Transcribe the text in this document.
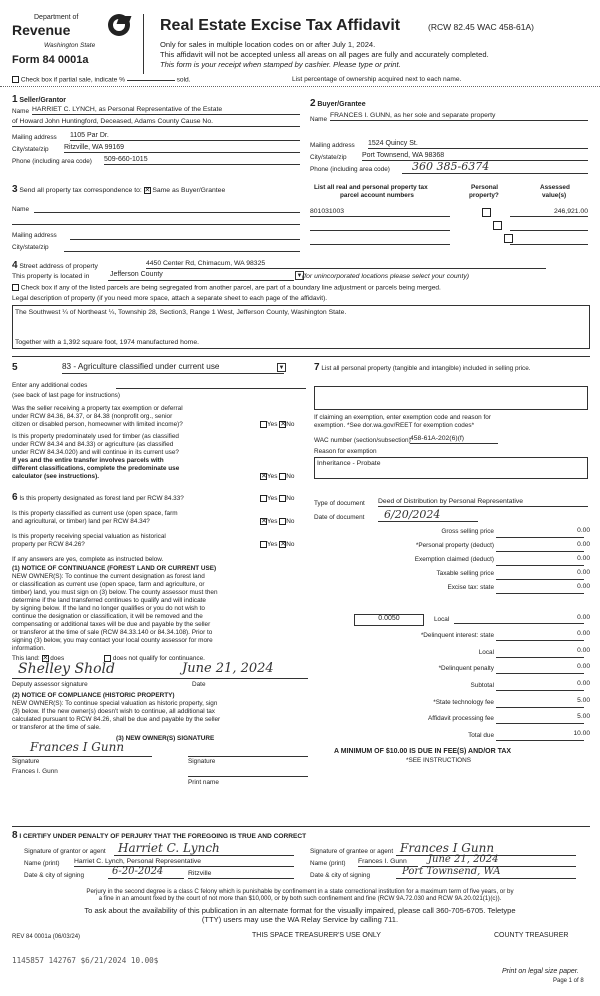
Department of
Revenue
Washington State
Form 84 0001a
Real Estate Excise Tax Affidavit	(RCW 82.45 WAC 458-61A)
Only for sales in multiple location codes on or after July 1, 2024.
This affidavit will not be accepted unless all areas on all pages are fully and accurately completed.
This form is your receipt when stamped by cashier. Please type or print.
Check box if partial sale, indicate %	sold.	List percentage of ownership acquired next to each name.
1 Seller/Grantor
Name HARRIET C. LYNCH, as Personal Representative of the Estate
of Howard John Huntingford, Deceased, Adams County Cause No.
Mailing address 1105 Par Dr.
City/state/zip Ritzville, WA 99169
Phone (including area code) 509-660-1015
2 Buyer/Grantee
Name
FRANCES I. GUNN, as her sole and separate property
Mailing address 1524 Quincy St.
City/state/zip Port Townsend, WA 98368
Phone (including area code)	360 385-6374
3 Send all property tax correspondence to: ✕ Same as Buyer/Grantee
Name
Mailing address
City/state/zip
List all real and personal property tax
parcel account numbers
Personal
property?
Assessed
value(s)
801031003
	246,921.00

4 Street address of property	4450 Center Rd, Chimacum, WA 98325
This property is located in	Jefferson County	▼ (for unincorporated locations please select your county)
Check box if any of the listed parcels are being segregated from another parcel, are part of a boundary line adjustment or parcels being merged.
Legal description of property (if you need more space, attach a separate sheet to each page of the affidavit).
The Southwest ¼ of Northeast ¼, Township 28, Section3, Range 1 West, Jefferson County, Washington State.
Together with a 1,392 square foot, 1974 manufactured home.
5	83 - Agriculture classified under current use	▼
Enter any additional codes
(see back of last page for instructions)
Was the seller receiving a property tax exemption or deferral
under RCW 84.36, 84.37, or 84.38 (nonprofit org., senior
citizen or disabled person, homeowner with limited income)?	Yes ✕ No
Is this property predominately used for timber (as classified
under RCW 84.34 and 84.33) or agriculture (as classified
under RCW 84.34.020) and will continue in its current use?
If yes and the entire transfer involves parcels with
different classifications, complete the predominate use
calculator (see instructions). ✕	Yes No
6 Is this property designated as forest land per RCW 84.33?	Yes No
Is this property classified as current use (open space, farm
and agricultural, or timber) land per RCW 84.34? ✕	Yes No
Is this property receiving special valuation as historical
property per RCW 84.26?	Yes ✕ No
If any answers are yes, complete as instructed below.
(1) NOTICE OF CONTINUANCE (FOREST LAND OR CURRENT USE)
NEW OWNER(S): To continue the current designation as forest land
or classification as current use (open space, farm and agriculture, or
timber) land, you must sign on (3) below. The county assessor must then
determine if the land transferred continues to qualify and will indicate
by signing below. If the land no longer qualifies or you do not wish to
continue the designation or classification, it will be removed and the
compensating or additional taxes will be due and payable by the seller
or transferor at the time of sale (RCW 84.33.140 or 84.34.108). Prior to
signing (3) below, you may contact your local county assessor for more
information.
This land: ✕ does	does not qualify for continuance.
Shelley Shold	June 21, 2024
Deputy assessor signature	Date
(2) NOTICE OF COMPLIANCE (HISTORIC PROPERTY)
NEW OWNER(S): To continue special valuation as historic property, sign
(3) below. If the new owner(s) doesn't wish to continue, all additional tax
calculated pursuant to RCW 84.26, shall be due and payable by the seller
or transferor at the time of sale.
(3) NEW OWNER(S) SIGNATURE
Frances I Gunn
Signature	Signature
Frances I. Gunn
Print name
7 List all personal property (tangible and intangible) included in selling price.
If claiming an exemption, enter exemption code and reason for
exemption. *See dor.wa.gov/REET for exemption codes*
WAC number (section/subsection) 458-61A-202(6)(f)
Reason for exemption
Inheritance - Probate
Type of document Deed of Distribution by Personal Representative
Date of document	6/20/2024
Gross selling price	0.00
*Personal property (deduct)	0.00
Exemption claimed (deduct)	0.00
Taxable selling price	0.00
Excise tax: state	0.00
0.0050	Local	0.00
*Delinquent interest: state	0.00
Local	0.00
*Delinquent penalty	0.00
Subtotal	0.00
*State technology fee	5.00
Affidavit processing fee	5.00
Total due	10.00
A MINIMUM OF $10.00 IS DUE IN FEE(S) AND/OR TAX
*SEE INSTRUCTIONS
8 I CERTIFY UNDER PENALTY OF PERJURY THAT THE FOREGOING IS TRUE AND CORRECT
Signature of grantor or agent	Harriet C. Lynch
Name (print) Harriet C. Lynch, Personal Representative
Date & city of signing	6-20-2024	Ritzville
Signature of grantee or agent Frances I Gunn
Name (print) Frances I. Gunn	June 21, 2024
Date & city of signing	Port Townsend, WA
Perjury in the second degree is a class C felony which is punishable by confinement in a state correctional institution for a maximum term of five years, or by
a fine in an amount fixed by the court of not more than $10,000, or by both such confinement and fine (RCW 9A.72.030 and RCW 9A.20.021(1)(c)).
To ask about the availability of this publication in an alternate format for the visually impaired, please call 360-705-6705. Teletype
(TTY) users may use the WA Relay Service by calling 711.
REV 84 0001a (06/03/24)	THIS SPACE TREASURER'S USE ONLY	COUNTY TREASURER
1145857 142767 $6/21/2024 10.00$
Print on legal size paper.
Page 1 of 8
